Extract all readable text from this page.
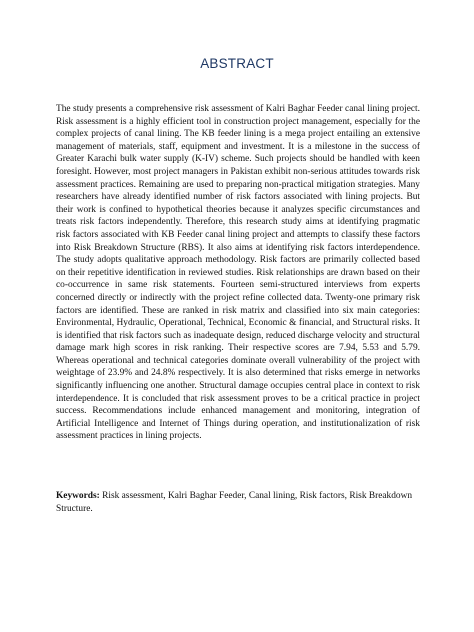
ABSTRACT

The study presents a comprehensive risk assessment of Kalri Baghar Feeder canal lining project. Risk assessment is a highly efficient tool in construction project management, especially for the complex projects of canal lining. The KB feeder lining is a mega project entailing an extensive management of materials, staff, equipment and investment. It is a milestone in the success of Greater Karachi bulk water supply (K-IV) scheme. Such projects should be handled with keen foresight. However, most project managers in Pakistan exhibit non-serious attitudes towards risk assessment practices. Remaining are used to preparing non-practical mitigation strategies. Many researchers have already identified number of risk factors associated with lining projects. But their work is confined to hypothetical theories because it analyzes specific circumstances and treats risk factors independently. Therefore, this research study aims at identifying pragmatic risk factors associated with KB Feeder canal lining project and attempts to classify these factors into Risk Breakdown Structure (RBS). It also aims at identifying risk factors interdependence. The study adopts qualitative approach methodology. Risk factors are primarily collected based on their repetitive identification in reviewed studies. Risk relationships are drawn based on their co-occurrence in same risk statements. Fourteen semi-structured interviews from experts concerned directly or indirectly with the project refine collected data. Twenty-one primary risk factors are identified. These are ranked in risk matrix and classified into six main categories: Environmental, Hydraulic, Operational, Technical, Economic & financial, and Structural risks. It is identified that risk factors such as inadequate design, reduced discharge velocity and structural damage mark high scores in risk ranking. Their respective scores are 7.94, 5.53 and 5.79. Whereas operational and technical categories dominate overall vulnerability of the project with weightage of 23.9% and 24.8% respectively. It is also determined that risks emerge in networks significantly influencing one another. Structural damage occupies central place in context to risk interdependence. It is concluded that risk assessment proves to be a critical practice in project success. Recommendations include enhanced management and monitoring, integration of Artificial Intelligence and Internet of Things during operation, and institutionalization of risk assessment practices in lining projects.

Keywords: Risk assessment, Kalri Baghar Feeder, Canal lining, Risk factors, Risk Breakdown Structure.
